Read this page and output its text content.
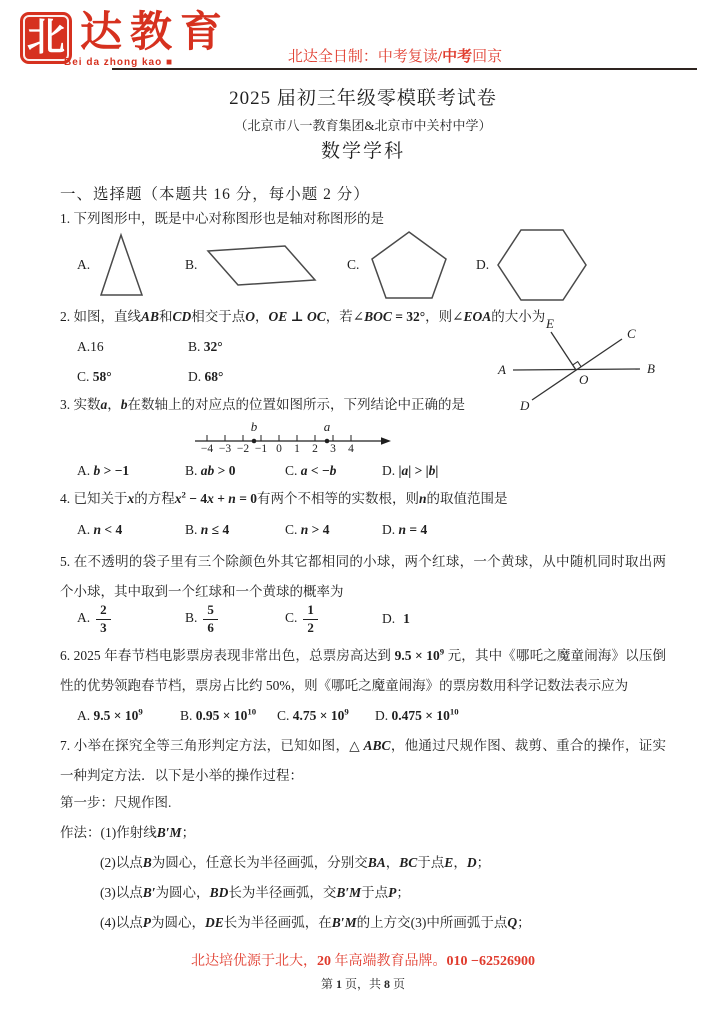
北 达教育
Bei da zhong kao ■	北达全日制：中考复读/中考回京
E
C
A	B
O
D
2025 届初三年级零模联考试卷
（北京市八一教育集团&北京市中关村中学）
数学学科
一、选择题（本题共 16 分，每小题 2 分）
1. 下列图形中，既是中心对称图形也是轴对称图形的是
A.	B.	C.	D.
2. 如图，直线AB和CD相交于点O，OE ⊥ OC，若∠BOC = 32°，则∠EOA的大小为
A.16	B. 32°
C. 58°	D. 68°
3. 实数a，b在数轴上的对应点的位置如图所示，下列结论中正确的是
−4 −3 −2 −1 0 1 2 3 4
b	a
A. b > −1	B. ab > 0	C. a < −b	D. |a| > |b|
4. 已知关于x的方程$x^2 - 4x + n = 0$有两个不相等的实数根，则n的取值范围是
A. n < 4	B. n ≤ 4	C. n > 4	D. n = 4
5. 在不透明的袋子里有三个除颜色外其它都相同的小球，两个红球，一个黄球，从中随机同时取出两个小球，其中取到一个红球和一个黄球的概率为
A. $\frac{2}{3}$	B. $\frac{5}{6}$	C. $\frac{1}{2}$	D. 1
6. 2025 年春节档电影票房表现非常出色，总票房高达到 $9.5 \times 10^9$ 元，其中《哪吒之魔童闹海》以压倒性的优势领跑春节档，票房占比约 50%，则《哪吒之魔童闹海》的票房数用科学记数法表示应为
A. $9.5 \times 10^9$	B. $0.95 \times 10^{10}$	C. $4.75 \times 10^9$	D. $0.475 \times 10^{10}$
7. 小举在探究全等三角形判定方法，已知如图，△ ABC，他通过尺规作图、裁剪、重合的操作，证实一种判定方法．以下是小举的操作过程：
第一步：尺规作图.
作法：(1)作射线B′M；
(2)以点B为圆心，任意长为半径画弧，分别交BA，BC于点E，D；
(3)以点B′为圆心，BD长为半径画弧，交B′M于点P；
(4)以点P为圆心，DE长为半径画弧，在B′M的上方交(3)中所画弧于点Q；
北达培优源于北大，20 年高端教育品牌。010 −62526900
第 1 页，共 8 页
